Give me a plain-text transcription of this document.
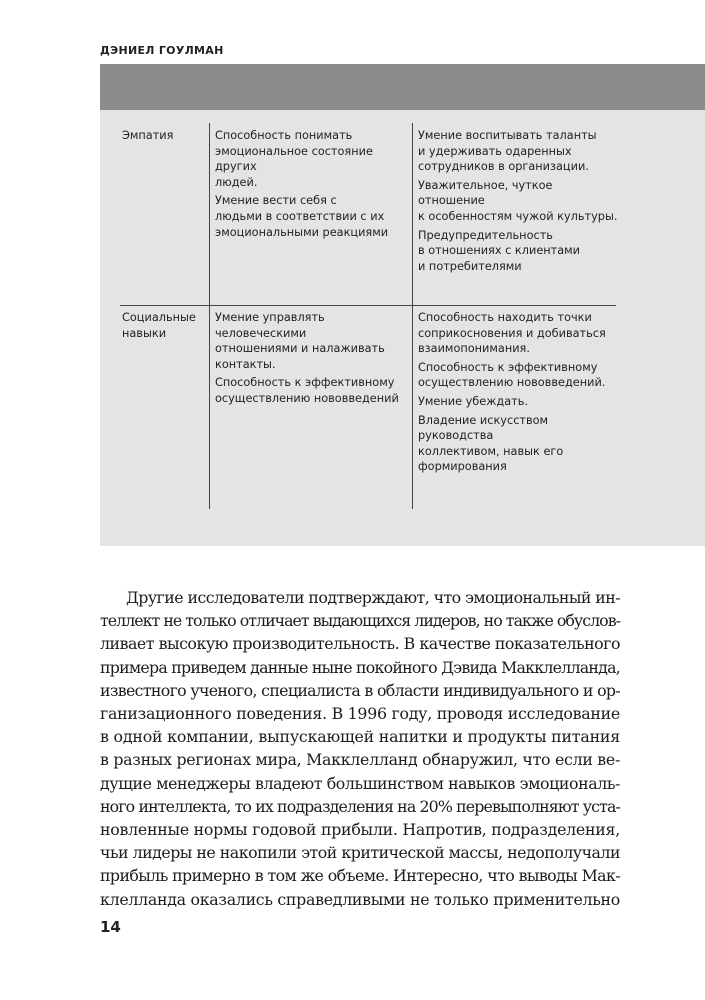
ДЭНИЕЛ ГОУЛМАН

Эмпатия	Способность понимать
эмоциональное состояние других
людей.

Умение вести себя с
людьми в соответствии с их
эмоциональными реакциями

Умение воспитывать таланты
и удерживать одаренных
сотрудников в организации.

Уважительное, чуткое отношение
к особенностям чужой культуры.

Предупредительность
в отношениях с клиентами
и потребителями

Социальные
навыки

Умение управлять человеческими
отношениями и налаживать
контакты.

Способность к эффективному
осуществлению нововведений

Способность находить точки
соприкосновения и добиваться
взаимопонимания.

Способность к эффективному
осуществлению нововведений.

Умение убеждать.

Владение искусством руководства
коллективом, навык его
формирования

Другие исследователи подтверждают, что эмоциональный ин-
теллект не только отличает выдающихся лидеров, но также обуслов-
ливает высокую производительность. В качестве показательного
примера приведем данные ныне покойного Дэвида Макклелланда,
известного ученого, специалиста в области индивидуального и ор-
ганизационного поведения. В 1996 году, проводя исследование
в одной компании, выпускающей напитки и продукты питания
в разных регионах мира, Макклелланд обнаружил, что если ве-
дущие менеджеры владеют большинством навыков эмоциональ-
ного интеллекта, то их подразделения на 20% перевыполняют уста-
новленные нормы годовой прибыли. Напротив, подразделения,
чьи лидеры не накопили этой критической массы, недополучали
прибыль примерно в том же объеме. Интересно, что выводы Мак-
клелланда оказались справедливыми не только применительно
14
